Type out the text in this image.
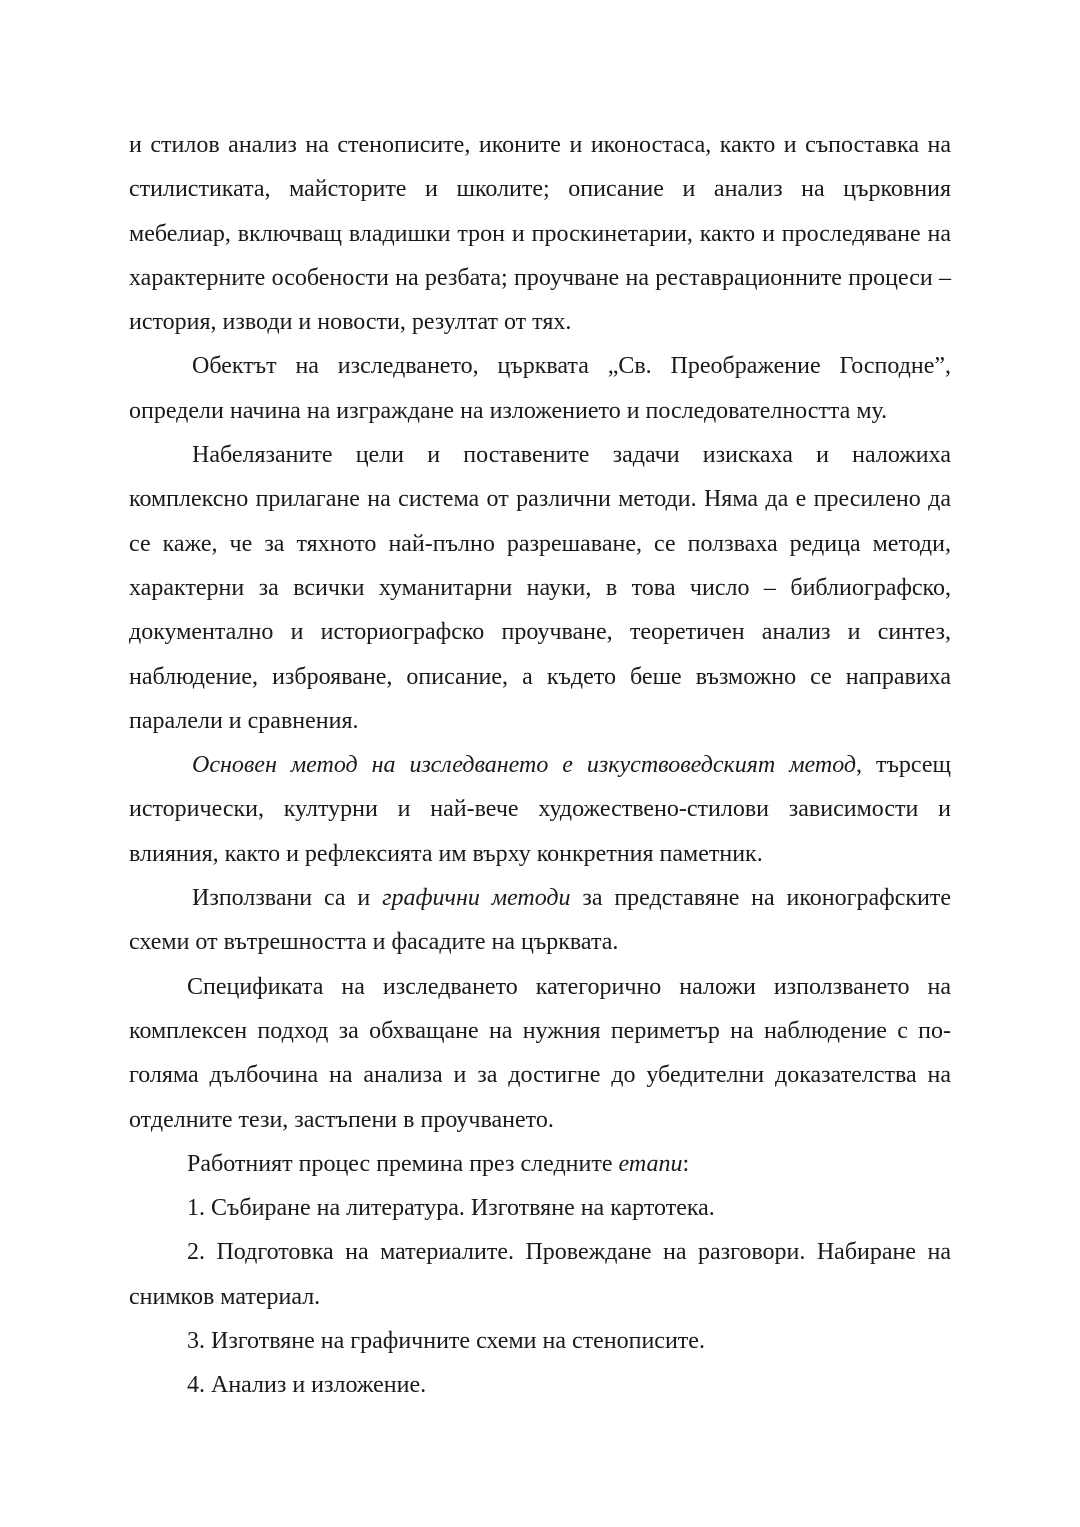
и стилов анализ на стенописите, иконите и иконостаса, както и съпоставка на стилистиката, майсторите и школите; описание и анализ на църковния мебелиар, включващ владишки трон и проскинетарии, както и проследяване на характерните особености на резбата; проучване на реставрационните процеси – история, изводи и новости, резултат от тях.

Обектът на изследването, църквата „Св. Преображение Господне”, определи начина на изграждане на изложението и последователността му.

Набелязаните цели и поставените задачи изискаха и наложиха комплексно прилагане на система от различни методи. Няма да е пресилено да се каже, че за тяхното най-пълно разрешаване, се ползваха редица методи, характерни за всички хуманитарни науки, в това число – библиографско, документално и историографско проучване, теоретичен анализ и синтез, наблюдение, изброяване, описание, а където беше възможно се направиха паралели и сравнения.

Основен метод на изследването е изкуствоведският метод, търсещ исторически, културни и най-вече художествено-стилови зависимости и влияния, както и рефлексията им върху конкретния паметник.

Използвани са и графични методи за представяне на иконографските схеми от вътрешността и фасадите на църквата.

Спецификата на изследването категорично наложи използването на комплексен подход за обхващане на нужния периметър на наблюдение с по-голяма дълбочина на анализа и за достигне до убедителни доказателства на отделните тези, застъпени в проучването.

Работният процес премина през следните етапи:

1. Събиране на литература. Изготвяне на картотека.

2. Подготовка на материалите. Провеждане на разговори. Набиране на снимков материал.

3. Изготвяне на графичните схеми на стенописите.

4. Анализ и изложение.
